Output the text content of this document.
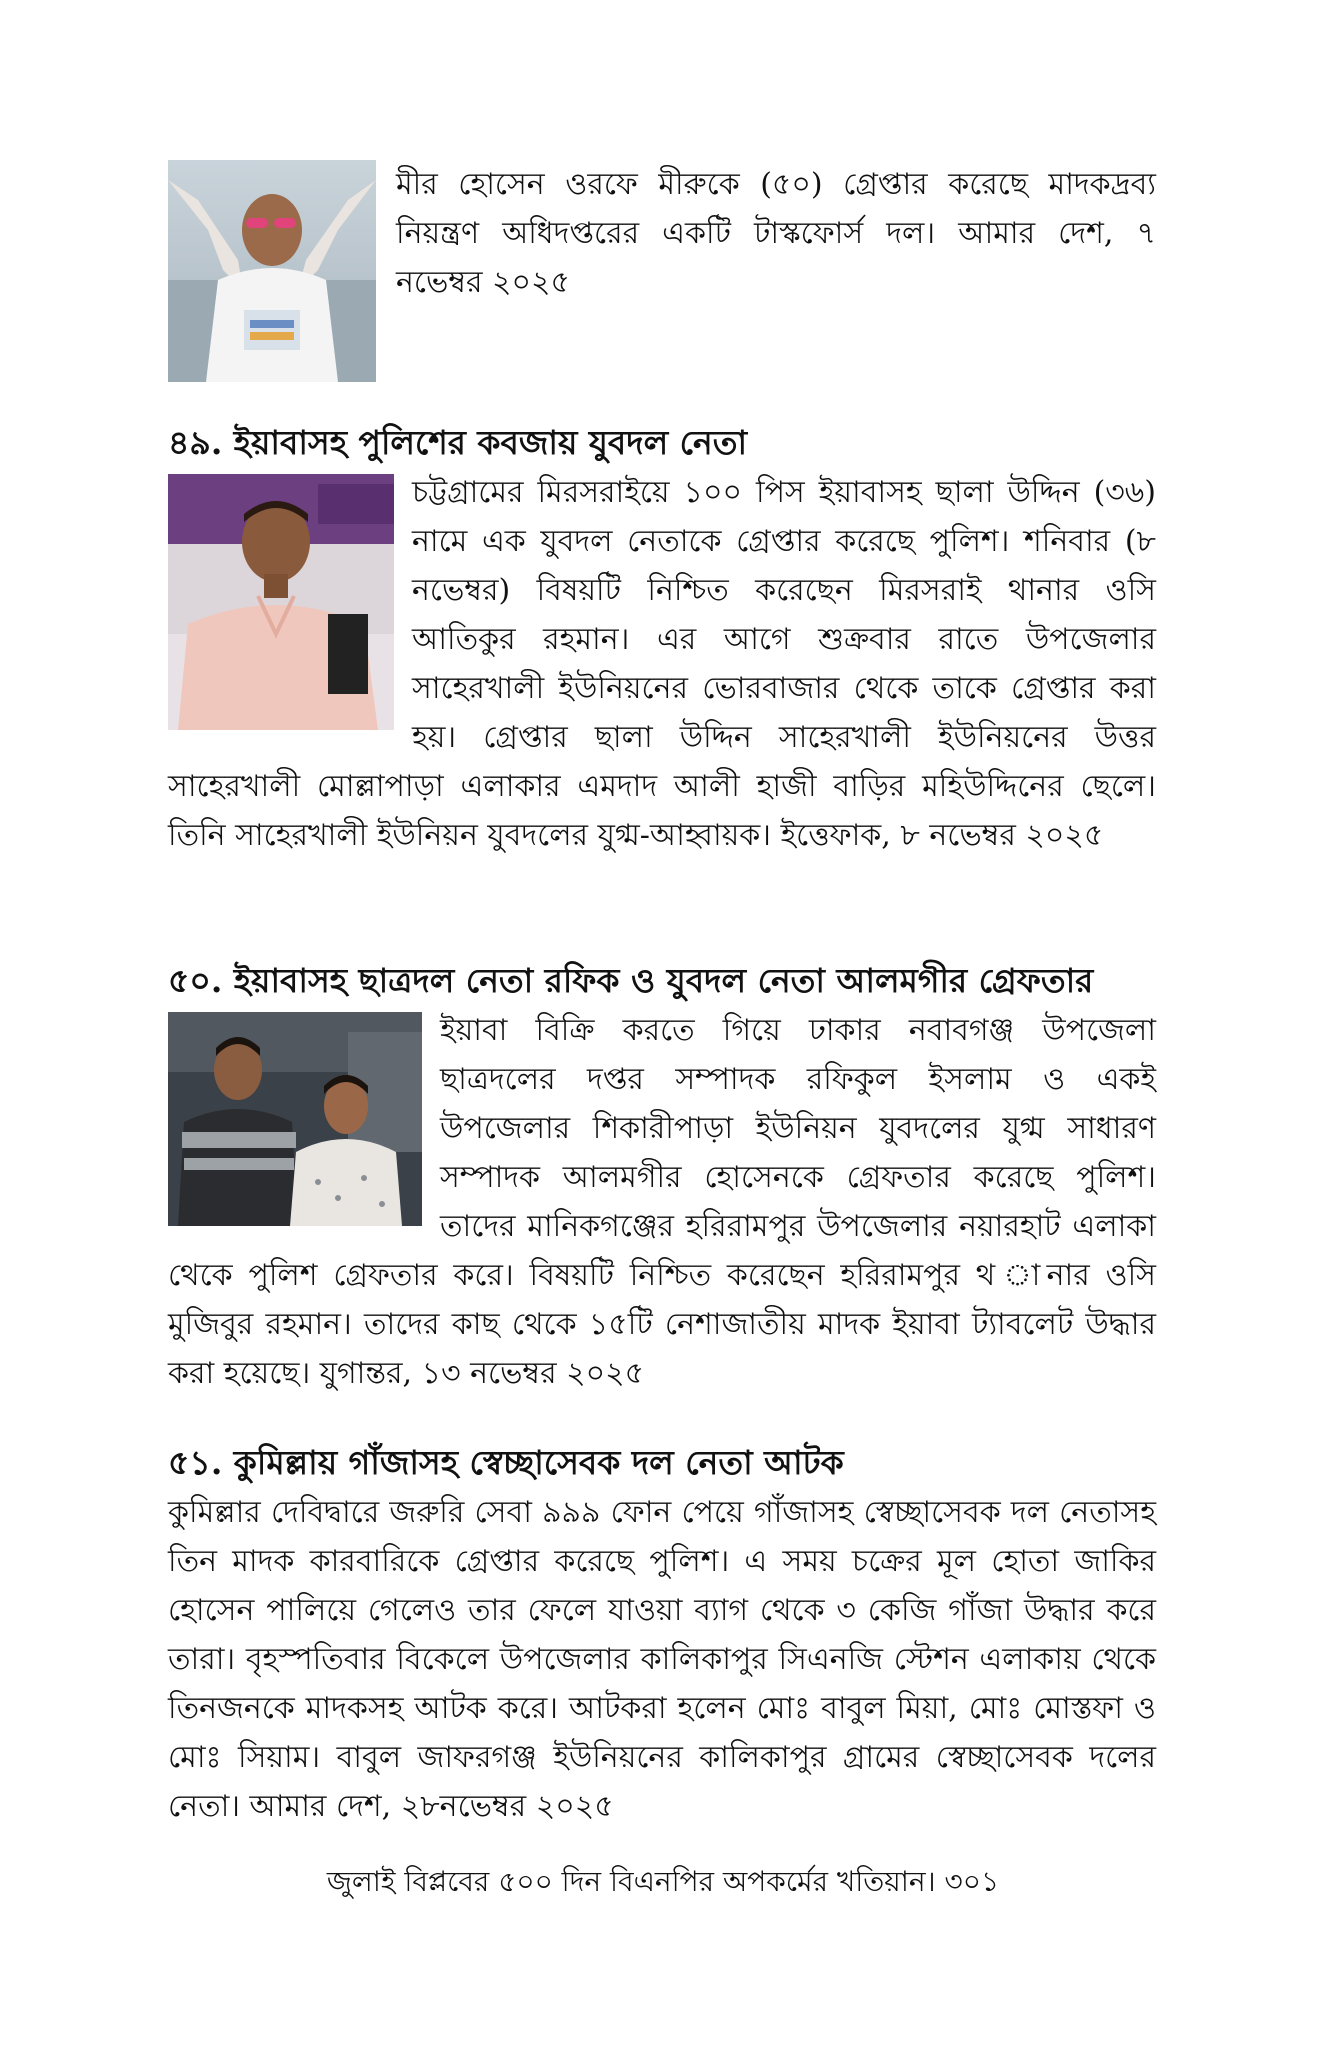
মীর হোসেন ওরফে মীরুকে (৫০) গ্রেপ্তার করেছে মাদকদ্রব্য নিয়ন্ত্রণ অধিদপ্তরের একটি টাস্কফোর্স দল। আমার দেশ, ৭ নভেম্বর ২০২৫

৪৯. ইয়াবাসহ পুলিশের কবজায় যুবদল নেতা

চট্টগ্রামের মিরসরাইয়ে ১০০ পিস ইয়াবাসহ ছালা উদ্দিন (৩৬) নামে এক যুবদল নেতাকে গ্রেপ্তার করেছে পুলিশ। শনিবার (৮ নভেম্বর) বিষয়টি নিশ্চিত করেছেন মিরসরাই থানার ওসি আতিকুর রহমান। এর আগে শুক্রবার রাতে উপজেলার সাহেরখালী ইউনিয়নের ভোরবাজার থেকে তাকে গ্রেপ্তার করা হয়। গ্রেপ্তার ছালা উদ্দিন সাহেরখালী ইউনিয়নের উত্তর সাহেরখালী মোল্লাপাড়া এলাকার এমদাদ আলী হাজী বাড়ির মহিউদ্দিনের ছেলে। তিনি সাহেরখালী ইউনিয়ন যুবদলের যুগ্ম-আহ্বায়ক। ইত্তেফাক, ৮ নভেম্বর ২০২৫

৫০. ইয়াবাসহ ছাত্রদল নেতা রফিক ও যুবদল নেতা আলমগীর গ্রেফতার

ইয়াবা বিক্রি করতে গিয়ে ঢাকার নবাবগঞ্জ উপজেলা ছাত্রদলের দপ্তর সম্পাদক রফিকুল ইসলাম ও একই উপজেলার শিকারীপাড়া ইউনিয়ন যুবদলের যুগ্ম সাধারণ সম্পাদক আলমগীর হোসেনকে গ্রেফতার করেছে পুলিশ। তাদের মানিকগঞ্জের হরিরামপুর উপজেলার নয়ারহাট এলাকা থেকে পুলিশ গ্রেফতার করে। বিষয়টি নিশ্চিত করেছেন হরিরামপুর থ ানার ওসি মুজিবুর রহমান। তাদের কাছ থেকে ১৫টি নেশাজাতীয় মাদক ইয়াবা ট্যাবলেট উদ্ধার করা হয়েছে। যুগান্তর, ১৩ নভেম্বর ২০২৫

৫১. কুমিল্লায় গাঁজাসহ স্বেচ্ছাসেবক দল নেতা আটক

কুমিল্লার দেবিদ্বারে জরুরি সেবা ৯৯৯ ফোন পেয়ে গাঁজাসহ স্বেচ্ছাসেবক দল নেতাসহ তিন মাদক কারবারিকে গ্রেপ্তার করেছে পুলিশ। এ সময় চক্রের মূল হোতা জাকির হোসেন পালিয়ে গেলেও তার ফেলে যাওয়া ব্যাগ থেকে ৩ কেজি গাঁজা উদ্ধার করে তারা। বৃহস্পতিবার বিকেলে উপজেলার কালিকাপুর সিএনজি স্টেশন এলাকায় থেকে তিনজনকে মাদকসহ আটক করে। আটকরা হলেন মোঃ বাবুল মিয়া, মোঃ মোস্তফা ও মোঃ সিয়াম। বাবুল জাফরগঞ্জ ইউনিয়নের কালিকাপুর গ্রামের স্বেচ্ছাসেবক দলের নেতা। আমার দেশ, ২৮নভেম্বর ২০২৫

জুলাই বিপ্লবের ৫০০ দিন বিএনপির অপকর্মের খতিয়ান। ৩০১
